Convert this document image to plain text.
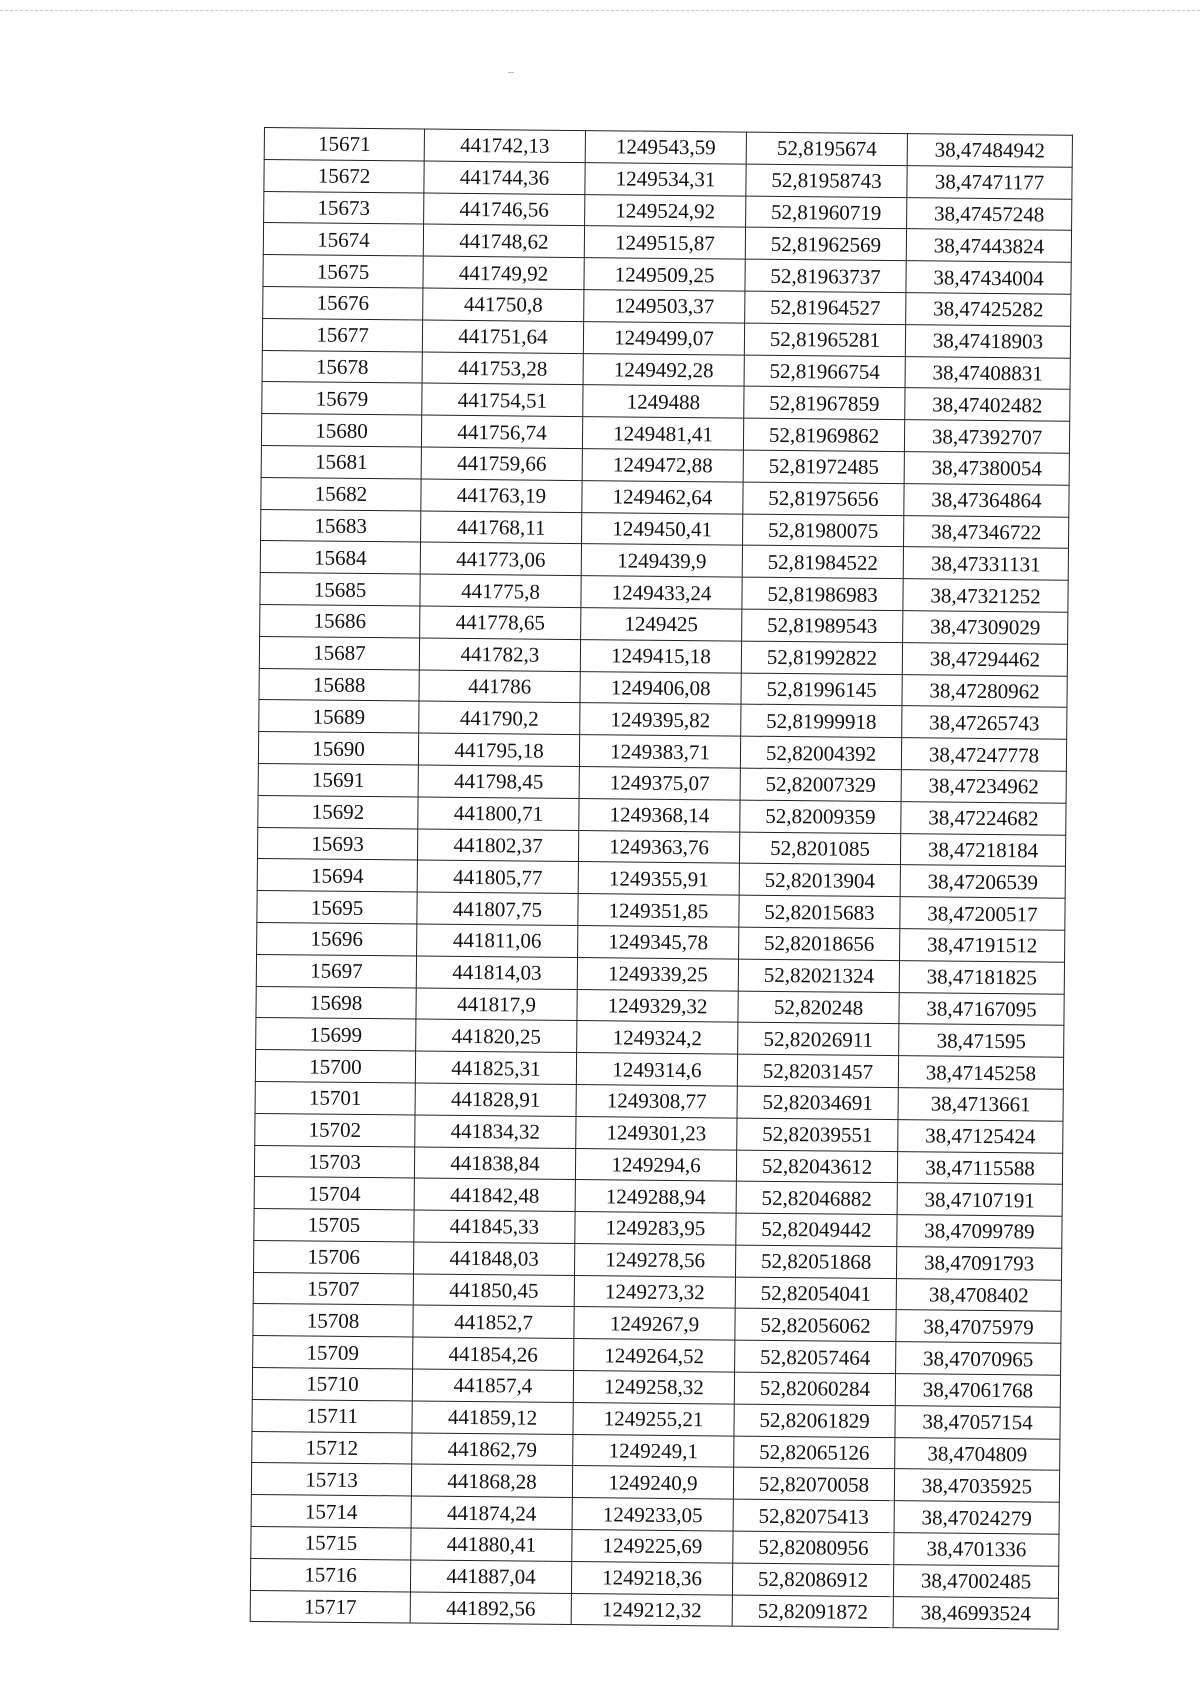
15671	441742,13	1249543,59	52,8195674	38,47484942
15672	441744,36	1249534,31	52,81958743	38,47471177
15673	441746,56	1249524,92	52,81960719	38,47457248
15674	441748,62	1249515,87	52,81962569	38,47443824
15675	441749,92	1249509,25	52,81963737	38,47434004
15676	441750,8	1249503,37	52,81964527	38,47425282
15677	441751,64	1249499,07	52,81965281	38,47418903
15678	441753,28	1249492,28	52,81966754	38,47408831
15679	441754,51	1249488	52,81967859	38,47402482
15680	441756,74	1249481,41	52,81969862	38,47392707
15681	441759,66	1249472,88	52,81972485	38,47380054
15682	441763,19	1249462,64	52,81975656	38,47364864
15683	441768,11	1249450,41	52,81980075	38,47346722
15684	441773,06	1249439,9	52,81984522	38,47331131
15685	441775,8	1249433,24	52,81986983	38,47321252
15686	441778,65	1249425	52,81989543	38,47309029
15687	441782,3	1249415,18	52,81992822	38,47294462
15688	441786	1249406,08	52,81996145	38,47280962
15689	441790,2	1249395,82	52,81999918	38,47265743
15690	441795,18	1249383,71	52,82004392	38,47247778
15691	441798,45	1249375,07	52,82007329	38,47234962
15692	441800,71	1249368,14	52,82009359	38,47224682
15693	441802,37	1249363,76	52,8201085	38,47218184
15694	441805,77	1249355,91	52,82013904	38,47206539
15695	441807,75	1249351,85	52,82015683	38,47200517
15696	441811,06	1249345,78	52,82018656	38,47191512
15697	441814,03	1249339,25	52,82021324	38,47181825
15698	441817,9	1249329,32	52,820248	38,47167095
15699	441820,25	1249324,2	52,82026911	38,471595
15700	441825,31	1249314,6	52,82031457	38,47145258
15701	441828,91	1249308,77	52,82034691	38,4713661
15702	441834,32	1249301,23	52,82039551	38,47125424
15703	441838,84	1249294,6	52,82043612	38,47115588
15704	441842,48	1249288,94	52,82046882	38,47107191
15705	441845,33	1249283,95	52,82049442	38,47099789
15706	441848,03	1249278,56	52,82051868	38,47091793
15707	441850,45	1249273,32	52,82054041	38,4708402
15708	441852,7	1249267,9	52,82056062	38,47075979
15709	441854,26	1249264,52	52,82057464	38,47070965
15710	441857,4	1249258,32	52,82060284	38,47061768
15711	441859,12	1249255,21	52,82061829	38,47057154
15712	441862,79	1249249,1	52,82065126	38,4704809
15713	441868,28	1249240,9	52,82070058	38,47035925
15714	441874,24	1249233,05	52,82075413	38,47024279
15715	441880,41	1249225,69	52,82080956	38,4701336
15716	441887,04	1249218,36	52,82086912	38,47002485
15717	441892,56	1249212,32	52,82091872	38,46993524
